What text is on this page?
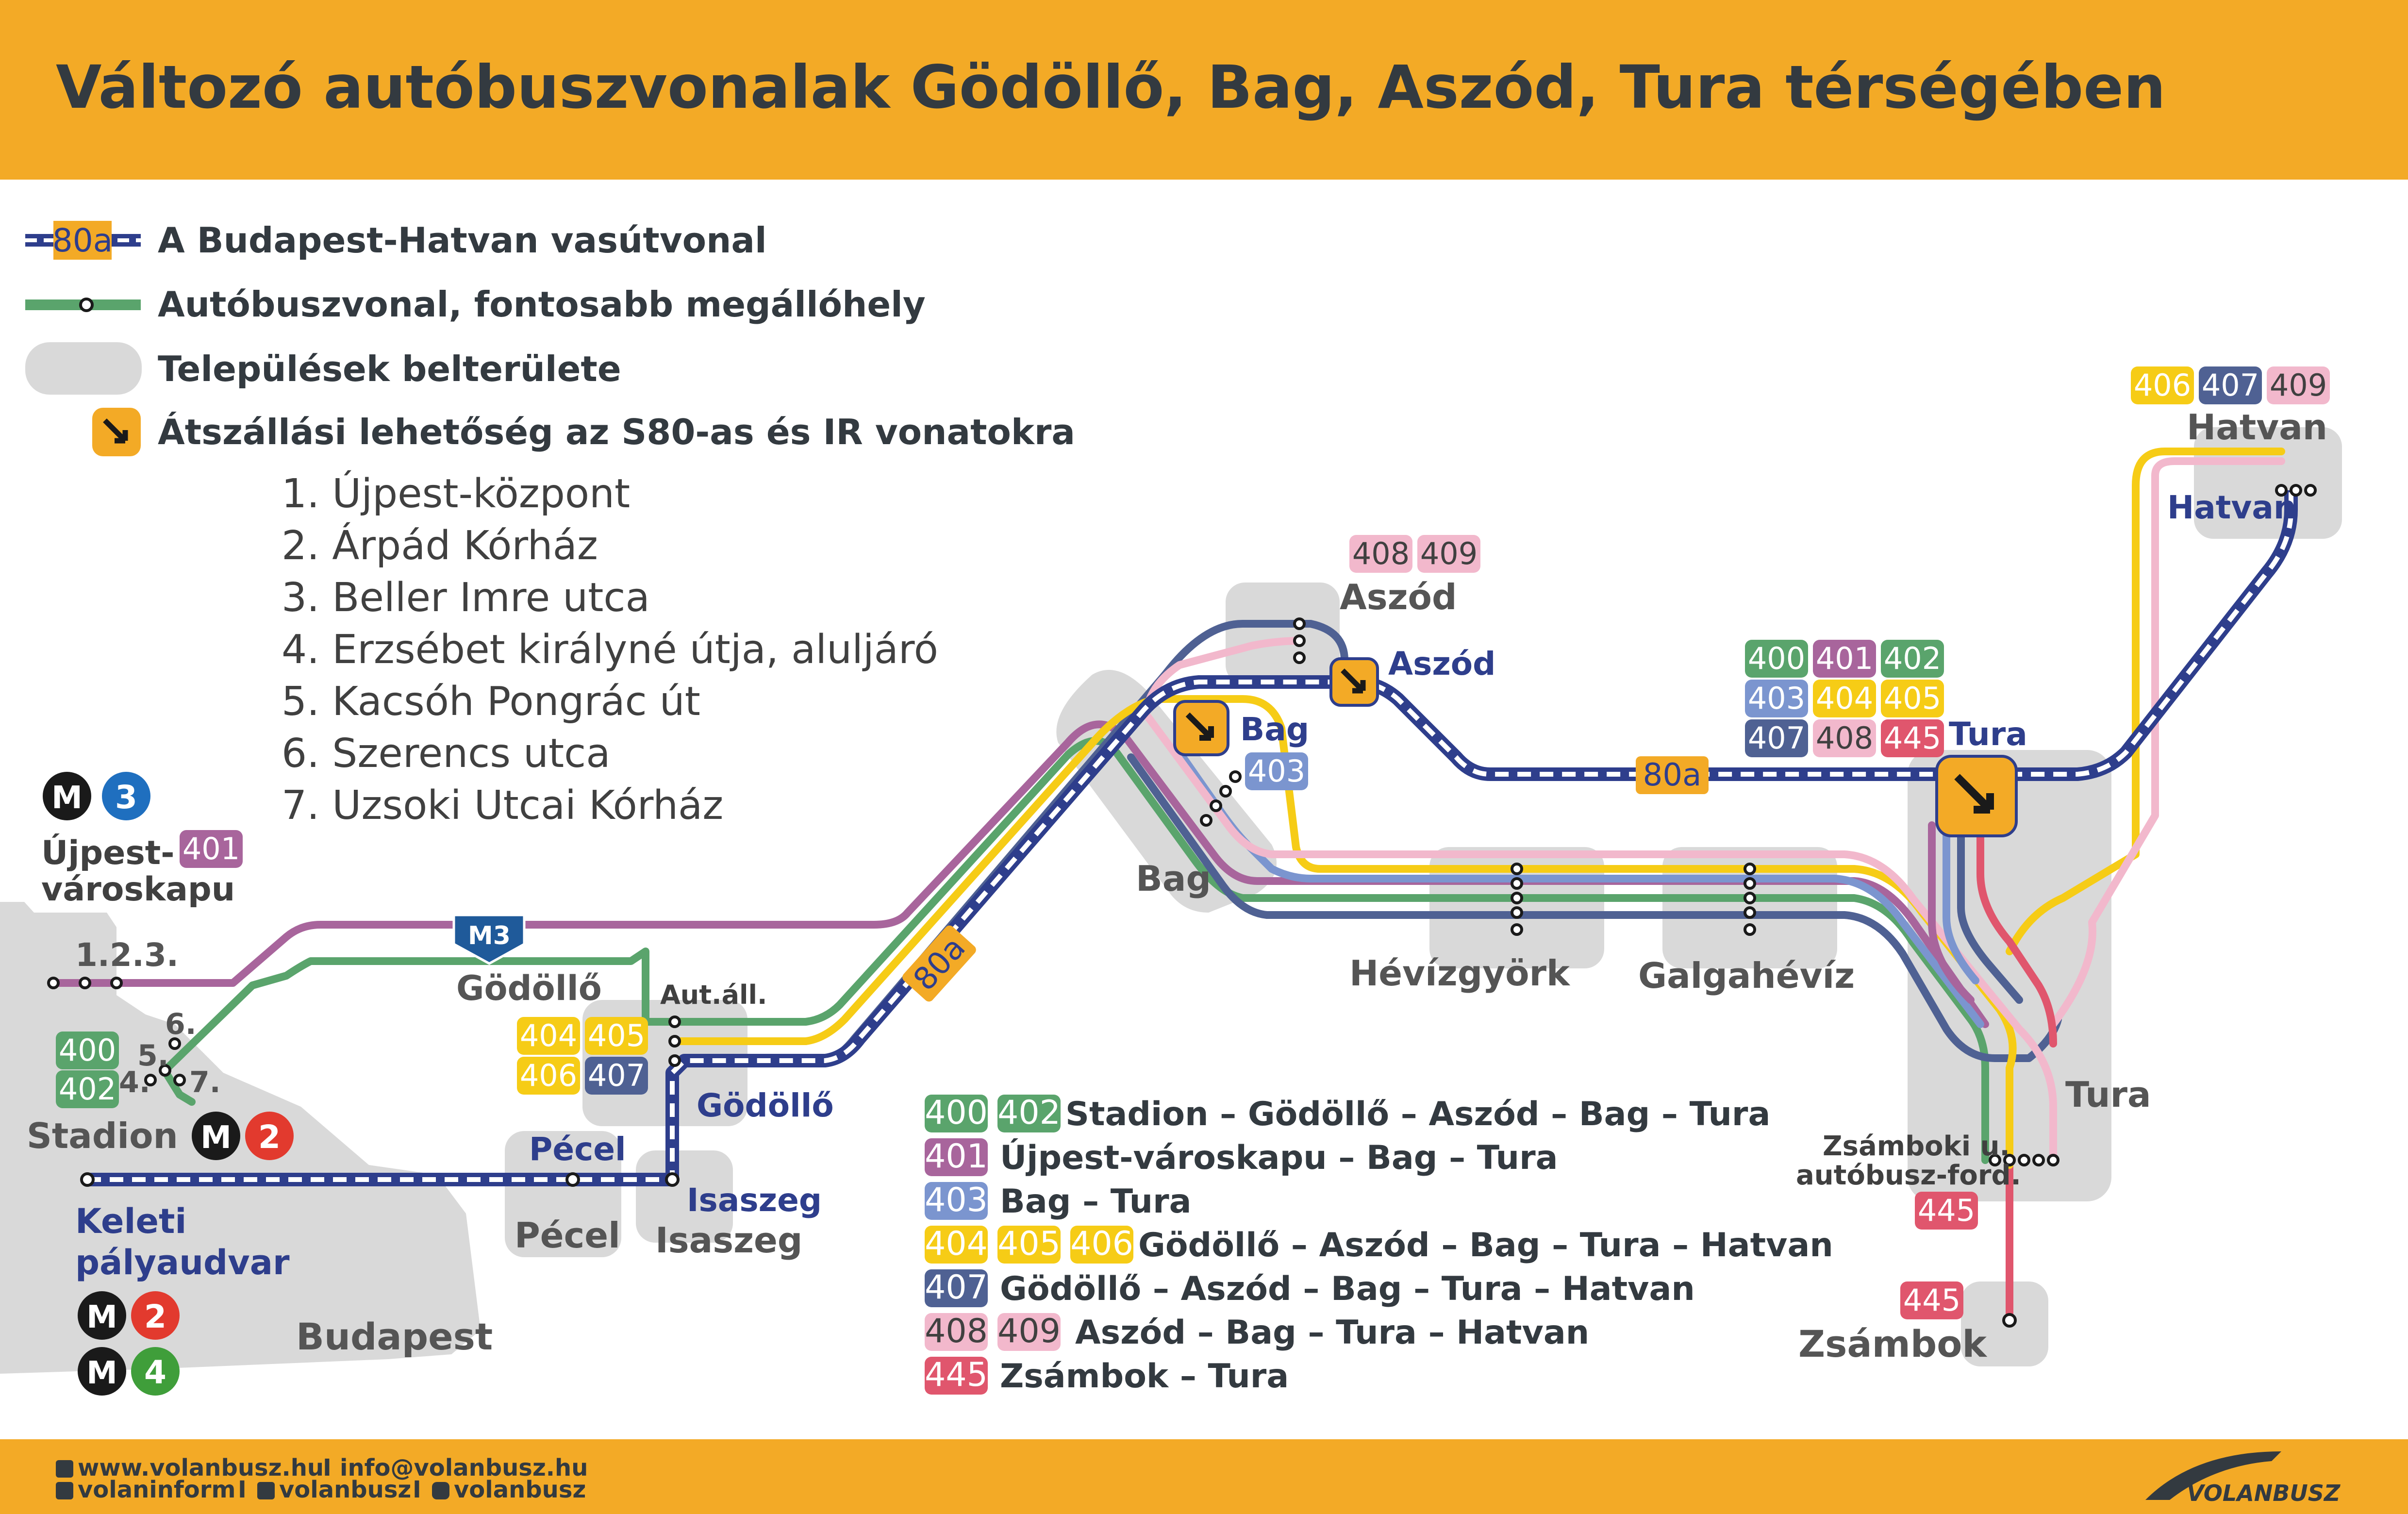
Változó autóbuszvonalak Gödöllő, Bag, Aszód, Tura térségében
80a A Budapest-Hatvan vasútvonal
Autóbuszvonal, fontosabb megállóhely
Települések belterülete
Átszállási lehetőség az S80-as és IR vonatokra
1. Újpest-központ
2. Árpád Kórház
3. Beller Imre utca
4. Erzsébet királyné útja, aluljáró
5. Kacsóh Pongrác út
6. Szerencs utca
7. Uzsoki Utcai Kórház
M3
80a
80a
M 3
M 2
M 2
M 4
Újpest-
városkapu
1.2.3.
6.
5.
4. 7.
Stadion
Budapest
Gödöllő Aut.áll.
Pécel Isaszeg
Bag
Aszód
Hévízgyörk Galgahévíz
Tura
Zsámboki u.
autóbusz-ford.
Zsámbok
Hatvan
Keleti
pályaudvar
Pécel
Isaszeg
Gödöllő
Bag
Aszód
Tura
Hatvan
401
400
402
404 405
406 407
403
408 409
400 401 402
403 404 405
407 408 445
445
445
406 407 409
400 402 Stadion – Gödöllő – Aszód – Bag – Tura
401 Újpest-városkapu – Bag – Tura
403 Bag – Tura
404 405 406 Gödöllő – Aszód – Bag – Tura – Hatvan
407 Gödöllő – Aszód – Bag – Tura – Hatvan
408 409 Aszód – Bag – Tura – Hatvan
445 Zsámbok – Tura
www.volanbusz.hu
I info@volanbusz.hu
volaninform I volanbusz I volanbusz	VOLANBUSZ
